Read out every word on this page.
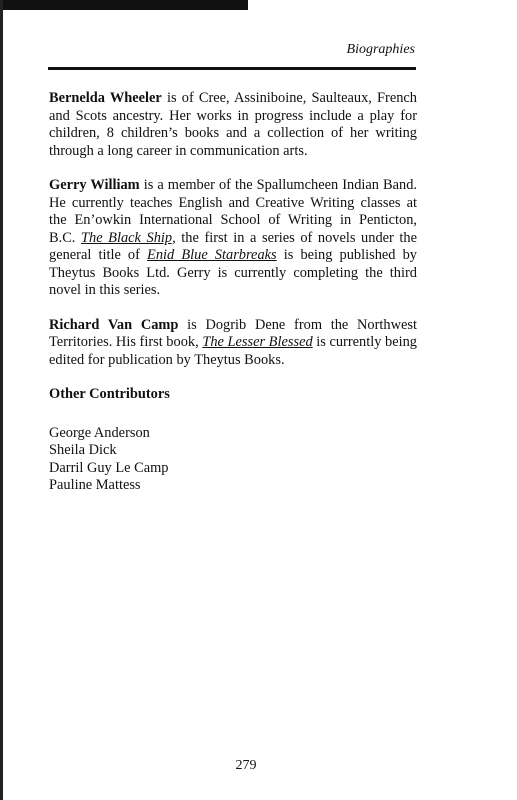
Biographies

Bernelda Wheeler is of Cree, Assiniboine, Saulteaux, French and Scots ancestry. Her works in progress include a play for children, 8 children’s books and a collection of her writing through a long career in communication arts.

Gerry William is a member of the Spallumcheen Indian Band. He currently teaches English and Creative Writing classes at the En’owkin International School of Writing in Penticton, B.C. The Black Ship, the first in a series of novels under the general title of Enid Blue Starbreaks is being published by Theytus Books Ltd. Gerry is currently completing the third novel in this series.

Richard Van Camp is Dogrib Dene from the Northwest Territories. His first book, The Lesser Blessed is currently being edited for publication by Theytus Books.

Other Contributors
George Anderson
Sheila Dick
Darril Guy Le Camp
Pauline Mattess
279
